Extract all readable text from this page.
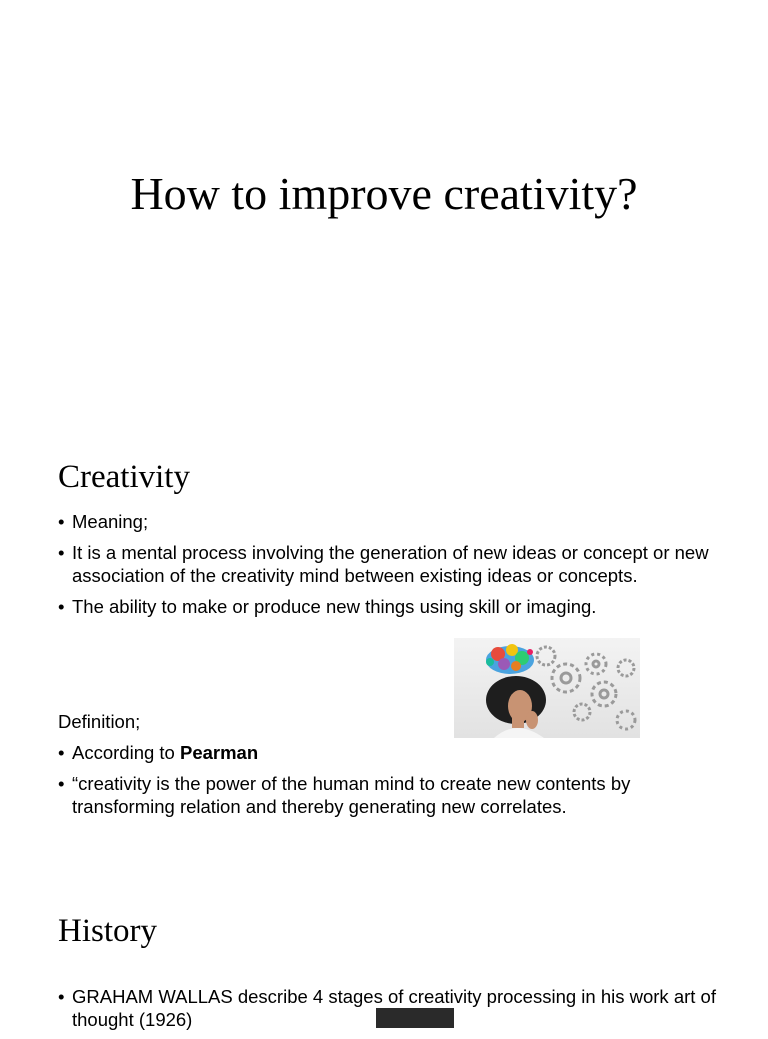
How to improve creativity?
Creativity
• Meaning;
• It is a mental process involving the generation of new ideas or concept or new association of the creativity mind between existing ideas or concepts.
• The ability to make or produce new things using skill or imaging.

Definition;

• According to Pearman
• “creativity is the power of the human mind to create new contents by transforming relation and thereby generating new correlates.
History
• GRAHAM WALLAS describe 4 stages of creativity processing in his work art of thought (1926)
